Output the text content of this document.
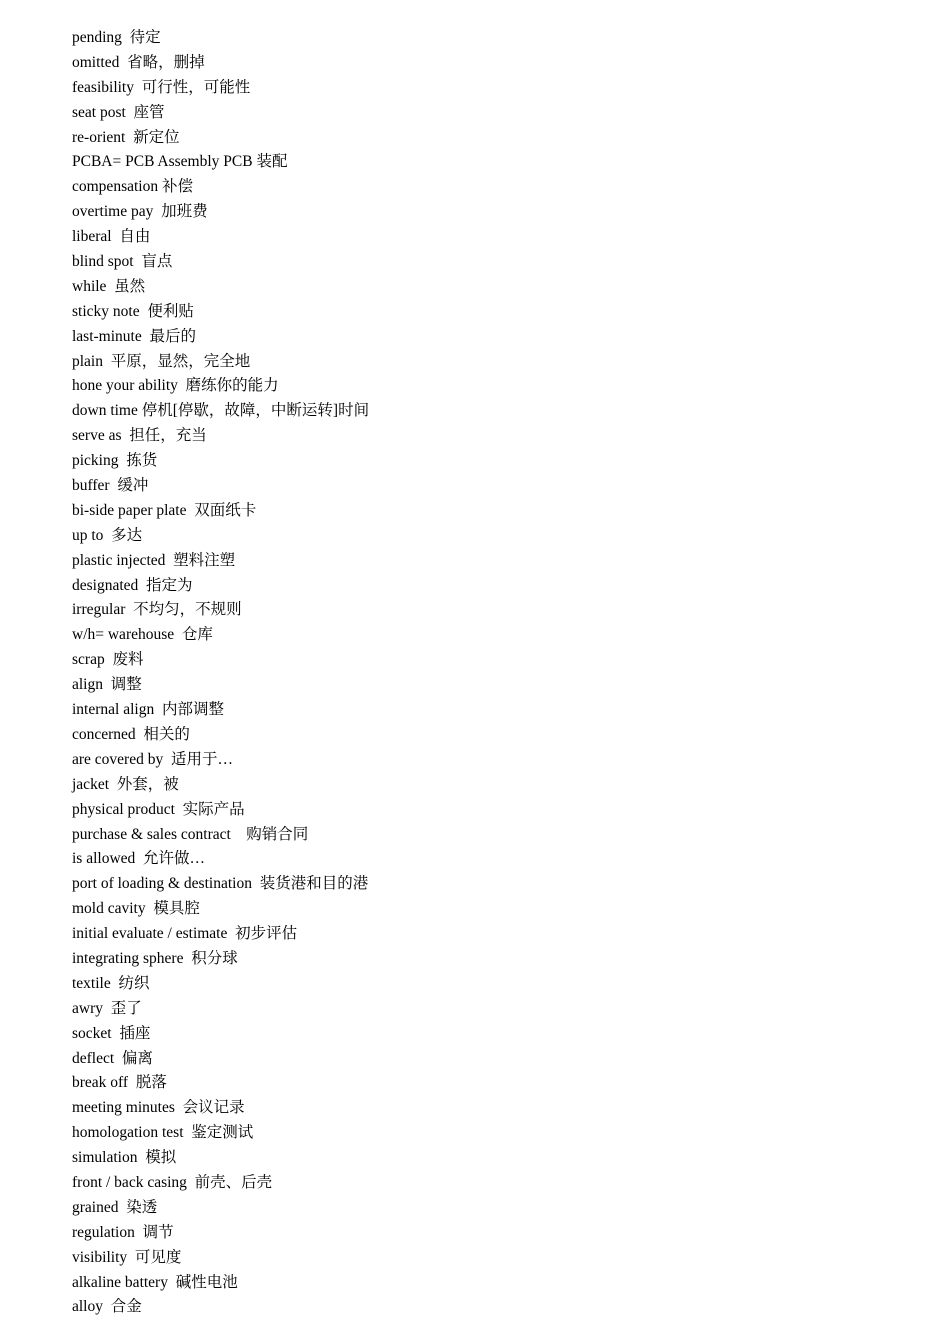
pending  待定
omitted  省略，删掉
feasibility  可行性，可能性
seat post  座管
re-orient  新定位
PCBA= PCB Assembly PCB 装配
compensation 补偿
overtime pay  加班费
liberal  自由
blind spot  盲点
while  虽然
sticky note  便利贴
last-minute  最后的
plain  平原，显然，完全地
hone your ability  磨练你的能力
down time 停机[停歇，故障，中断运转]时间
serve as  担任，充当
picking  拣货
buffer  缓冲
bi-side paper plate  双面纸卡
up to  多达
plastic injected  塑料注塑
designated  指定为
irregular  不均匀，不规则
w/h= warehouse  仓库
scrap  废料
align  调整
internal align  内部调整
concerned  相关的
are covered by  适用于…
jacket  外套，被
physical product  实际产品
purchase & sales contract    购销合同
is allowed  允许做…
port of loading & destination  装货港和目的港
mold cavity  模具腔
initial evaluate / estimate  初步评估
integrating sphere  积分球
textile  纺织
awry  歪了
socket  插座
deflect  偏离
break off  脱落
meeting minutes  会议记录
homologation test  鉴定测试
simulation  模拟
front / back casing  前壳、后壳
grained  染透
regulation  调节
visibility  可见度
alkaline battery  碱性电池
alloy  合金
